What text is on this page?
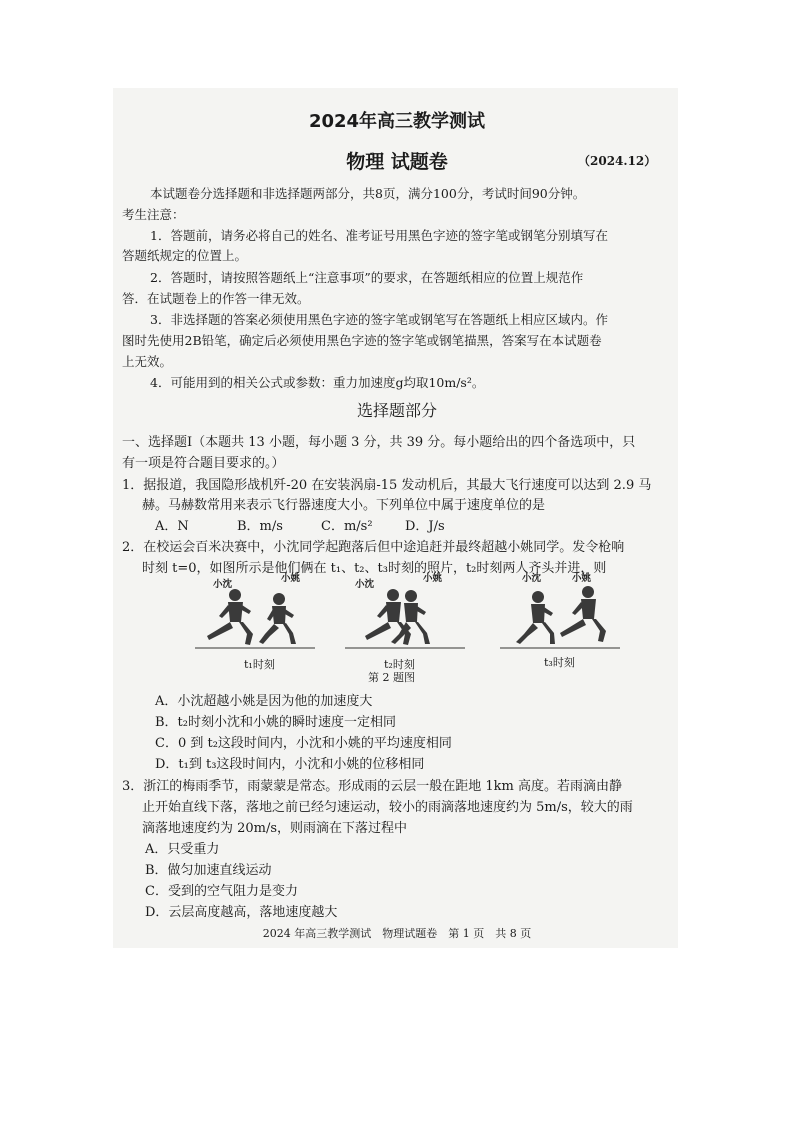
2024年高三教学测试
物理 试题卷	（2024.12）
本试题卷分选择题和非选择题两部分，共8页，满分100分，考试时间90分钟。
考生注意：
1．答题前，请务必将自己的姓名、准考证号用黑色字迹的签字笔或钢笔分别填写在
答题纸规定的位置上。
2．答题时，请按照答题纸上“注意事项”的要求，在答题纸相应的位置上规范作
答．在试题卷上的作答一律无效。
3．非选择题的答案必须使用黑色字迹的签字笔或钢笔写在答题纸上相应区域内。作
图时先使用2B铅笔，确定后必须使用黑色字迹的签字笔或钢笔描黑，答案写在本试题卷
上无效。
4．可能用到的相关公式或参数：重力加速度g均取10m/s²。
选择题部分
一、选择题Ⅰ（本题共 13 小题，每小题 3 分，共 39 分。每小题给出的四个备选项中，只
有一项是符合题目要求的。）
1．据报道，我国隐形战机歼-20 在安装涡扇-15 发动机后，其最大飞行速度可以达到 2.9 马
赫。马赫数常用来表示飞行器速度大小。下列单位中属于速度单位的是
A．N	B．m/s	C．m/s² D．J/s
2．在校运会百米决赛中，小沈同学起跑落后但中途追赶并最终超越小姚同学。发令枪响
时刻 t=0，如图所示是他们俩在 t₁、t₂、t₃时刻的照片，t₂时刻两人齐头并进，则
小沈
小姚
t₁时刻
小沈
小姚
t₂时刻
小沈	小姚
t₃时刻
第 2 题图
A．小沈超越小姚是因为他的加速度大
B．t₂时刻小沈和小姚的瞬时速度一定相同
C．0 到 t₂这段时间内，小沈和小姚的平均速度相同
D．t₁到 t₃这段时间内，小沈和小姚的位移相同
3．浙江的梅雨季节，雨蒙蒙是常态。形成雨的云层一般在距地 1km 高度。若雨滴由静
止开始直线下落，落地之前已经匀速运动，较小的雨滴落地速度约为 5m/s，较大的雨
滴落地速度约为 20m/s，则雨滴在下落过程中
A．只受重力
B．做匀加速直线运动
C．受到的空气阻力是变力
D．云层高度越高，落地速度越大
2024 年高三教学测试　物理试题卷　第 1 页　共 8 页
